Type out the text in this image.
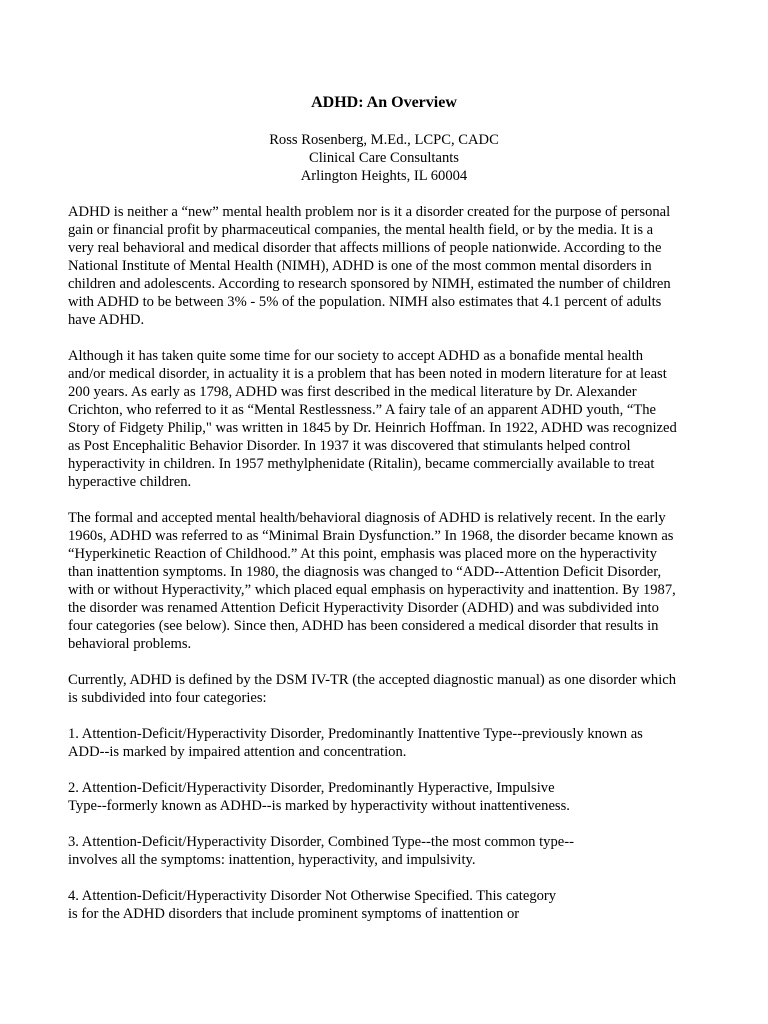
ADHD: An Overview
Ross Rosenberg, M.Ed., LCPC, CADC
Clinical Care Consultants
Arlington Heights, IL 60004
ADHD is neither a “new” mental health problem nor is it a disorder created for the purpose of personal
gain or financial profit by pharmaceutical companies, the mental health field, or by the media. It is a
very real behavioral and medical disorder that affects millions of people nationwide. According to the
National Institute of Mental Health (NIMH), ADHD is one of the most common mental disorders in
children and adolescents. According to research sponsored by NIMH, estimated the number of children
with ADHD to be between 3% - 5% of the population. NIMH also estimates that 4.1 percent of adults
have ADHD.
Although it has taken quite some time for our society to accept ADHD as a bonafide mental health
and/or medical disorder, in actuality it is a problem that has been noted in modern literature for at least
200 years. As early as 1798, ADHD was first described in the medical literature by Dr. Alexander
Crichton, who referred to it as “Mental Restlessness.” A fairy tale of an apparent ADHD youth, “The
Story of Fidgety Philip," was written in 1845 by Dr. Heinrich Hoffman. In 1922, ADHD was recognized
as Post Encephalitic Behavior Disorder. In 1937 it was discovered that stimulants helped control
hyperactivity in children. In 1957 methylphenidate (Ritalin), became commercially available to treat
hyperactive children.
The formal and accepted mental health/behavioral diagnosis of ADHD is relatively recent. In the early
1960s, ADHD was referred to as “Minimal Brain Dysfunction.” In 1968, the disorder became known as
“Hyperkinetic Reaction of Childhood.” At this point, emphasis was placed more on the hyperactivity
than inattention symptoms. In 1980, the diagnosis was changed to “ADD--Attention Deficit Disorder,
with or without Hyperactivity,” which placed equal emphasis on hyperactivity and inattention. By 1987,
the disorder was renamed Attention Deficit Hyperactivity Disorder (ADHD) and was subdivided into
four categories (see below). Since then, ADHD has been considered a medical disorder that results in
behavioral problems.
Currently, ADHD is defined by the DSM IV-TR (the accepted diagnostic manual) as one disorder which
is subdivided into four categories:
1. Attention-Deficit/Hyperactivity Disorder, Predominantly Inattentive Type--previously known as
ADD--is marked by impaired attention and concentration.
2. Attention-Deficit/Hyperactivity Disorder, Predominantly Hyperactive, Impulsive
Type--formerly known as ADHD--is marked by hyperactivity without inattentiveness.
3. Attention-Deficit/Hyperactivity Disorder, Combined Type--the most common type--
involves all the symptoms: inattention, hyperactivity, and impulsivity.
4. Attention-Deficit/Hyperactivity Disorder Not Otherwise Specified. This category
is for the ADHD disorders that include prominent symptoms of inattention or
